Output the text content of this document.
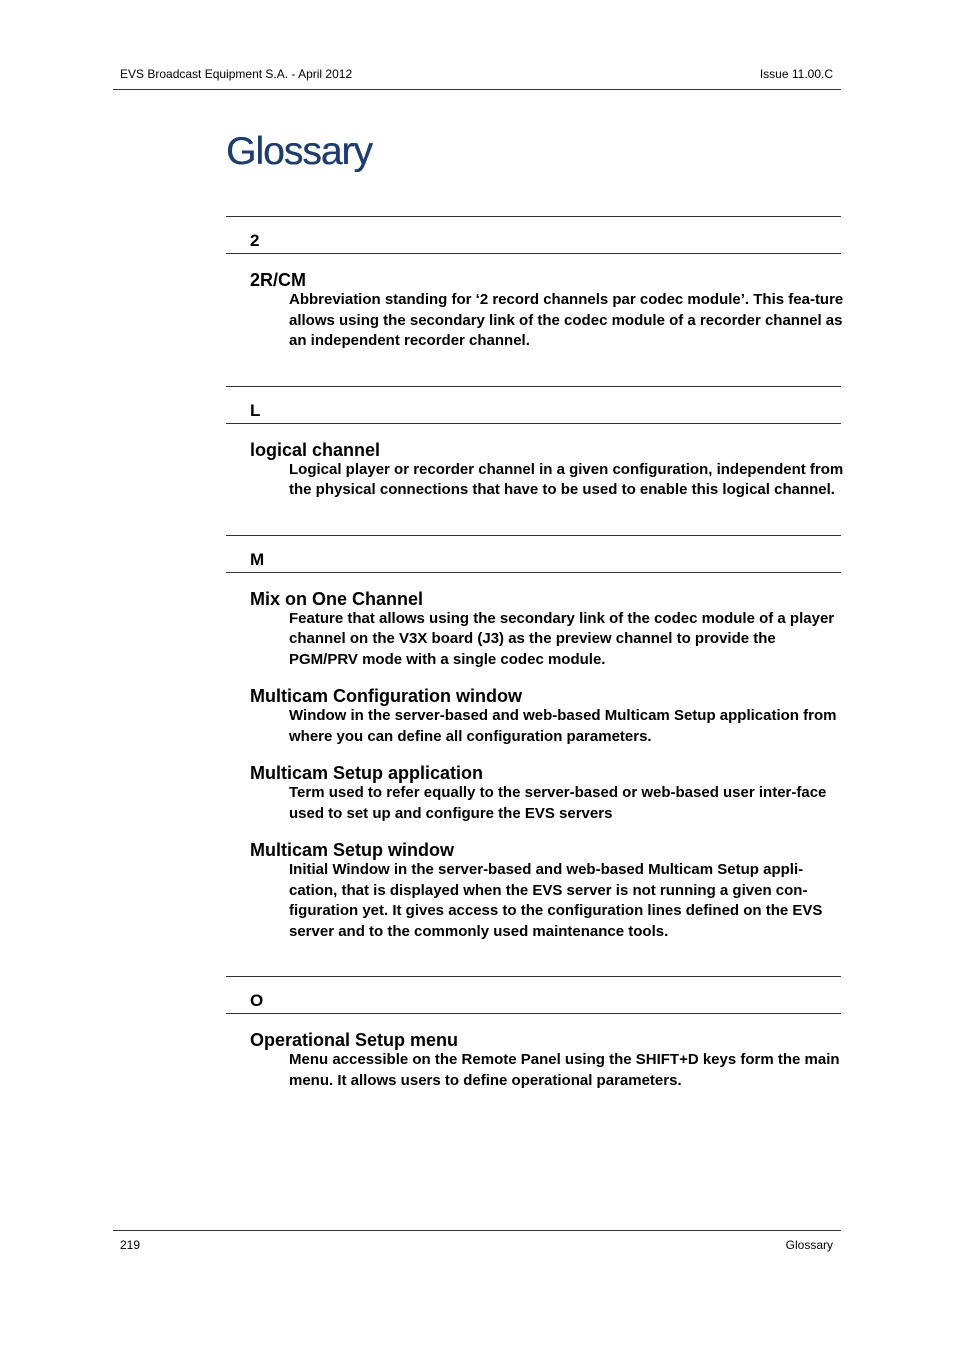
EVS Broadcast Equipment S.A. - April 2012	Issue 11.00.C
Glossary
2
2R/CM
Abbreviation standing for ‘2 record channels par codec module’. This fea-ture allows using the secondary link of the codec module of a recorder channel as an independent recorder channel.
L
logical channel
Logical player or recorder channel in a given configuration, independent from the physical connections that have to be used to enable this logical channel.
M
Mix on One Channel
Feature that allows using the secondary link of the codec module of a player channel on the V3X board (J3) as the preview channel to provide the PGM/PRV mode with a single codec module.
Multicam Configuration window
Window in the server-based and web-based Multicam Setup application from where you can define all configuration parameters.
Multicam Setup application
Term used to refer equally to the server-based or web-based user inter-face used to set up and configure the EVS servers
Multicam Setup window
Initial Window in the server-based and web-based Multicam Setup appli-cation, that is displayed when the EVS server is not running a given con-figuration yet. It gives access to the configuration lines defined on the EVS server and to the commonly used maintenance tools.
O
Operational Setup menu
Menu accessible on the Remote Panel using the SHIFT+D keys form the main menu. It allows users to define operational parameters.
219	Glossary
